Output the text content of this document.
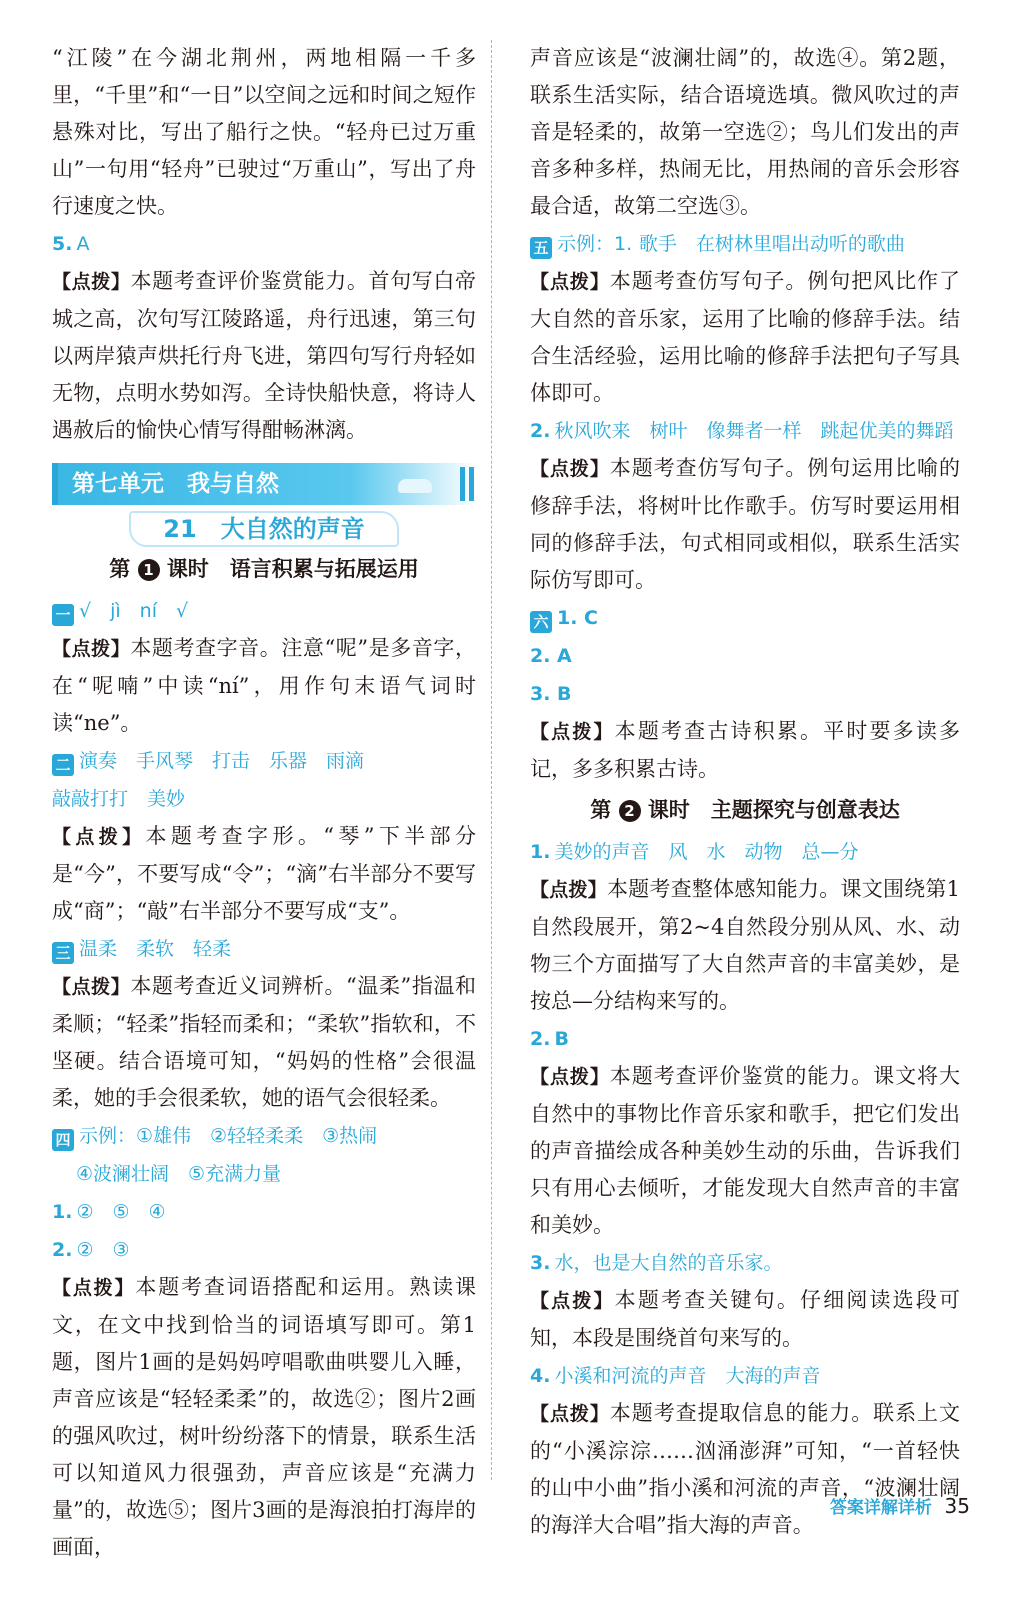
“江陵”在今湖北荆州，两地相隔一千多里，“千里”和“一日”以空间之远和时间之短作悬殊对比，写出了船行之快。“轻舟已过万重山”一句用“轻舟”已驶过“万重山”，写出了舟行速度之快。

5. A

【点拨】本题考查评价鉴赏能力。首句写白帝城之高，次句写江陵路遥，舟行迅速，第三句以两岸猿声烘托行舟飞进，第四句写行舟轻如无物，点明水势如泻。全诗快船快意，将诗人遇赦后的愉快心情写得酣畅淋漓。

第七单元　我与自然
21　大自然的声音
第 1 课时　语言积累与拓展运用

一 √　jì　ní　√

【点拨】本题考查字音。注意“呢”是多音字，在“呢喃”中读“ní”，用作句末语气词时读“ne”。

二 演奏　手风琴　打击　乐器　雨滴

敲敲打打　美妙

【点拨】本题考查字形。“琴”下半部分是“今”，不要写成“令”；“滴”右半部分不要写成“商”；“敲”右半部分不要写成“支”。

三 温柔　柔软　轻柔

【点拨】本题考查近义词辨析。“温柔”指温和柔顺；“轻柔”指轻而柔和；“柔软”指软和，不坚硬。结合语境可知，“妈妈的性格”会很温柔，她的手会很柔软，她的语气会很轻柔。

四 示例：①雄伟　②轻轻柔柔　③热闹

④波澜壮阔　⑤充满力量

1. ②　⑤　④

2. ②　③

【点拨】本题考查词语搭配和运用。熟读课文，在文中找到恰当的词语填写即可。第1题，图片1画的是妈妈哼唱歌曲哄婴儿入睡，声音应该是“轻轻柔柔”的，故选②；图片2画的强风吹过，树叶纷纷落下的情景，联系生活可以知道风力很强劲，声音应该是“充满力量”的，故选⑤；图片3画的是海浪拍打海岸的画面，

声音应该是“波澜壮阔”的，故选④。第2题，联系生活实际，结合语境选填。微风吹过的声音是轻柔的，故第一空选②；鸟儿们发出的声音多种多样，热闹无比，用热闹的音乐会形容最合适，故第二空选③。

五 示例：1. 歌手　在树林里唱出动听的歌曲

【点拨】本题考查仿写句子。例句把风比作了大自然的音乐家，运用了比喻的修辞手法。结合生活经验，运用比喻的修辞手法把句子写具体即可。

2. 秋风吹来　树叶　像舞者一样　跳起优美的舞蹈

【点拨】本题考查仿写句子。例句运用比喻的修辞手法，将树叶比作歌手。仿写时要运用相同的修辞手法，句式相同或相似，联系生活实际仿写即可。

六 1. C

2. A

3. B

【点拨】本题考查古诗积累。平时要多读多记，多多积累古诗。

第 2 课时　主题探究与创意表达

1. 美妙的声音　风　水　动物　总—分

【点拨】本题考查整体感知能力。课文围绕第1自然段展开，第2~4自然段分别从风、水、动物三个方面描写了大自然声音的丰富美妙，是按总—分结构来写的。

2. B

【点拨】本题考查评价鉴赏的能力。课文将大自然中的事物比作音乐家和歌手，把它们发出的声音描绘成各种美妙生动的乐曲，告诉我们只有用心去倾听，才能发现大自然声音的丰富和美妙。

3. 水，也是大自然的音乐家。

【点拨】本题考查关键句。仔细阅读选段可知，本段是围绕首句来写的。

4. 小溪和河流的声音　大海的声音

【点拨】本题考查提取信息的能力。联系上文的“小溪淙淙……汹涌澎湃”可知，“一首轻快的山中小曲”指小溪和河流的声音，“波澜壮阔的海洋大合唱”指大海的声音。

答案详解详析 35
